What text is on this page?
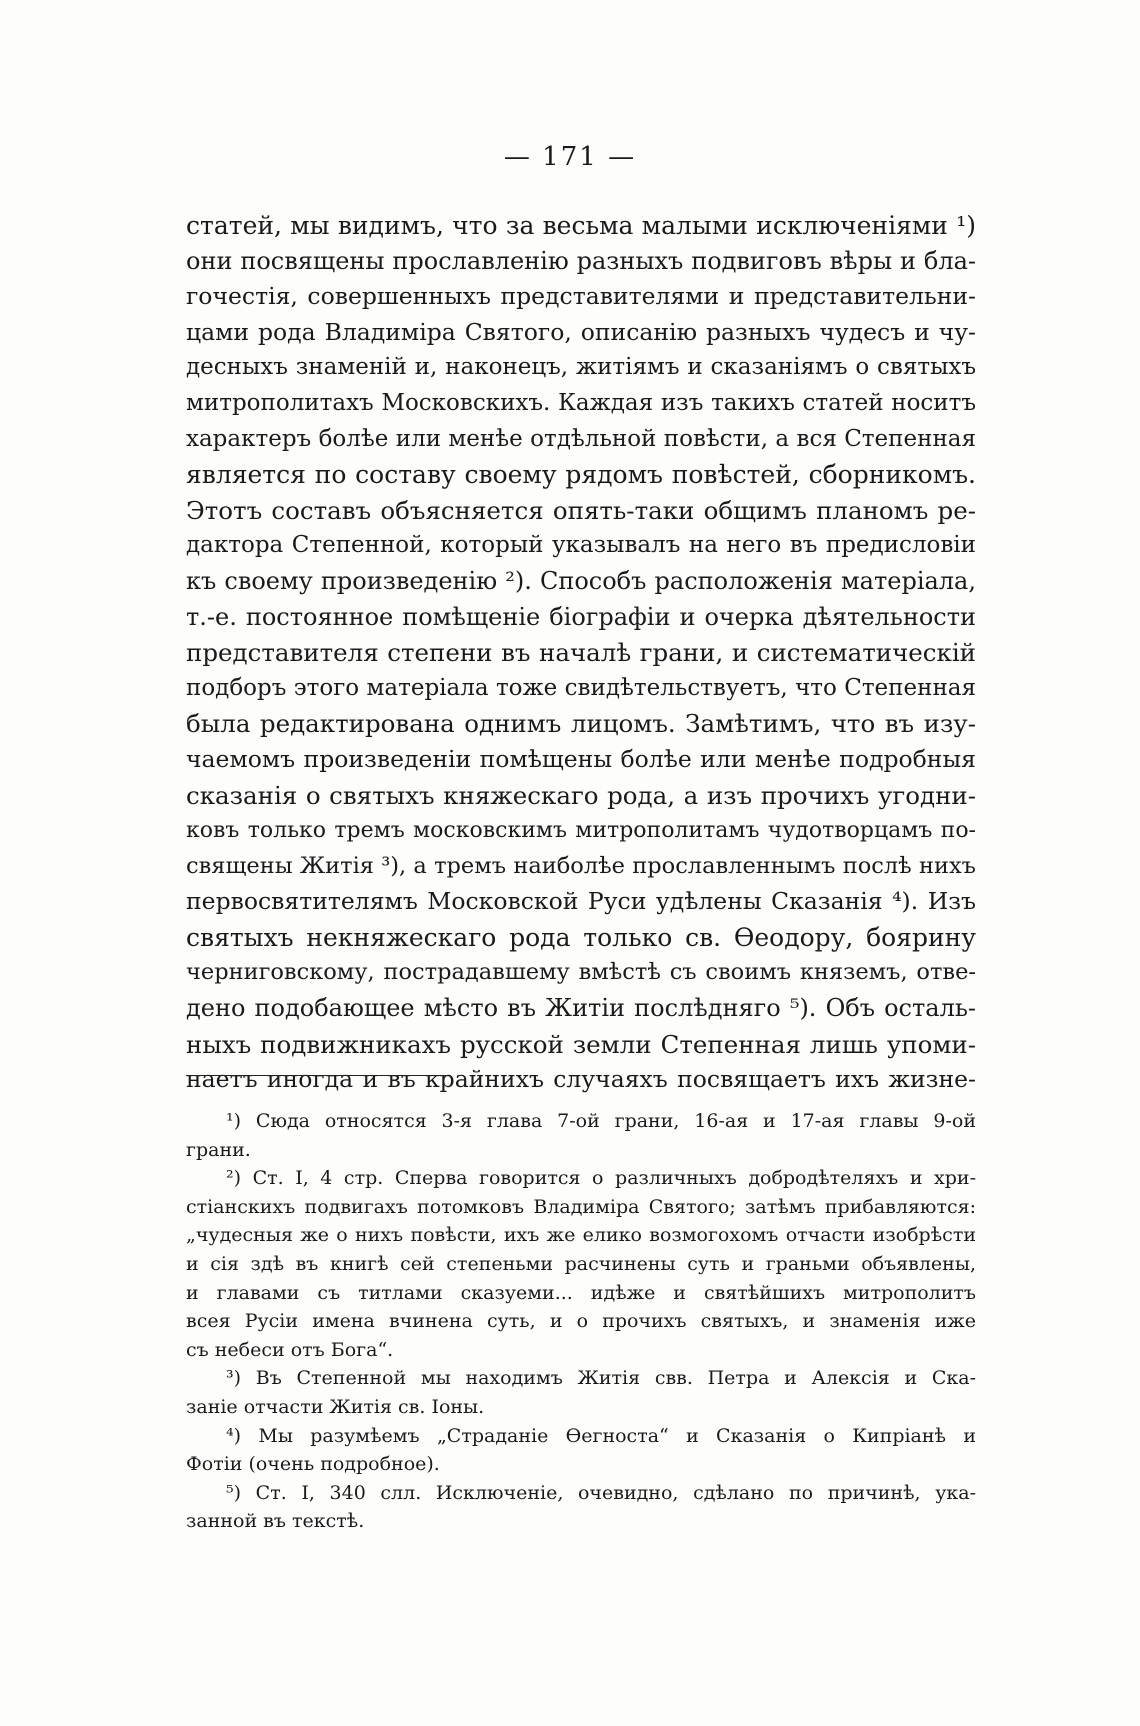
— 171 —
статей, мы видимъ, что за весьма малыми исключеніями ¹)
они посвящены прославленію разныхъ подвиговъ вѣры и бла-
гочестія, совершенныхъ представителями и представительни-
цами рода Владиміра Святого, описанію разныхъ чудесъ и чу-
десныхъ знаменій и, наконецъ, житіямъ и сказаніямъ о святыхъ
митрополитахъ Московскихъ. Каждая изъ такихъ статей носитъ
характеръ болѣе или менѣе отдѣльной повѣсти, а вся Степенная
является по составу своему рядомъ повѣстей, сборникомъ.
Этотъ составъ объясняется опять-таки общимъ планомъ ре-
дактора Степенной, который указывалъ на него въ предисловіи
къ своему произведенію ²). Способъ расположенія матеріала,
т.-е. постоянное помѣщеніе біографіи и очерка дѣятельности
представителя степени въ началѣ грани, и систематическій
подборъ этого матеріала тоже свидѣтельствуетъ, что Степенная
была редактирована однимъ лицомъ. Замѣтимъ, что въ изу-
чаемомъ произведеніи помѣщены болѣе или менѣе подробныя
сказанія о святыхъ княжескаго рода, а изъ прочихъ угодни-
ковъ только тремъ московскимъ митрополитамъ чудотворцамъ по-
священы Житія ³), а тремъ наиболѣе прославленнымъ послѣ нихъ
первосвятителямъ Московской Руси удѣлены Сказанія ⁴). Изъ
святыхъ некняжескаго рода только св. Ѳеодору, боярину
черниговскому, пострадавшему вмѣстѣ съ своимъ княземъ, отве-
дено подобающее мѣсто въ Житіи послѣдняго ⁵). Объ осталь-
ныхъ подвижникахъ русской земли Степенная лишь упоми-
наетъ иногда и въ крайнихъ случаяхъ посвящаетъ ихъ жизне-
¹) Сюда относятся 3-я глава 7-ой грани, 16-ая и 17-ая главы 9-ой
грани.
²) Ст. I, 4 стр. Сперва говорится о различныхъ добродѣтеляхъ и хри-
стіанскихъ подвигахъ потомковъ Владиміра Святого; затѣмъ прибавляются:
„чудесныя же о нихъ повѣсти, ихъ же елико возмогохомъ отчасти изобрѣсти
и сія здѣ въ книгѣ сей степеньми расчинены суть и граньми объявлены,
и главами съ титлами сказуеми... идѣже и святѣйшихъ митрополитъ
всея Русіи имена вчинена суть, и о прочихъ святыхъ, и знаменія иже
съ небеси отъ Бога“.
³) Въ Степенной мы находимъ Житія свв. Петра и Алексія и Ска-
заніе отчасти Житія св. Іоны.
⁴) Мы разумѣемъ „Страданіе Ѳегноста“ и Сказанія о Кипріанѣ и
Фотіи (очень подробное).
⁵) Ст. I, 340 слл. Исключеніе, очевидно, сдѣлано по причинѣ, ука-
занной въ текстѣ.
